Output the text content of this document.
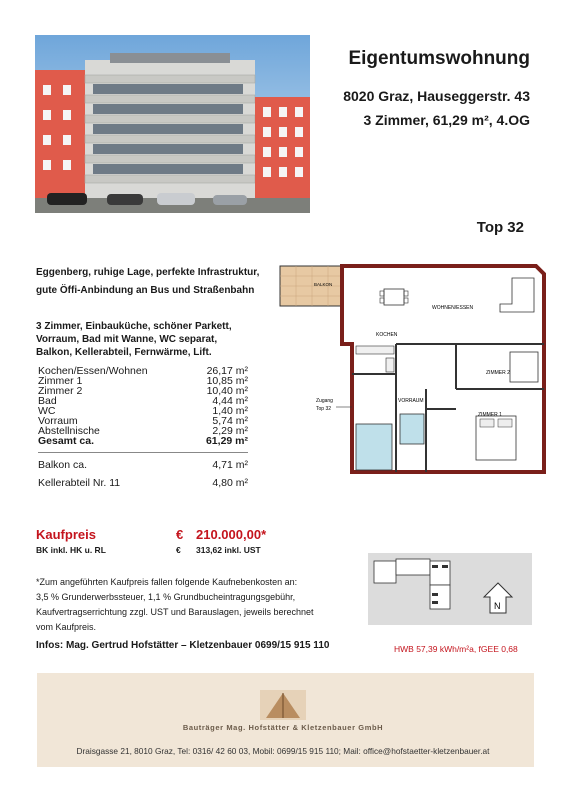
Eigentumswohnung
8020 Graz, Hauseggerstr. 43
3 Zimmer, 61,29 m², 4.OG
Top 32
Eggenberg, ruhige Lage, perfekte Infrastruktur,
gute Öffi-Anbindung an Bus und Straßenbahn
3 Zimmer, Einbauküche, schöner Parkett,
Vorraum, Bad mit Wanne, WC separat,
Balkon, Kellerabteil, Fernwärme, Lift.
Kochen/Essen/Wohnen	26,17 m²
Zimmer 1	10,85 m²
Zimmer 2	10,40 m²
Bad	4,44 m²
WC	1,40 m²
Vorraum	5,74 m²
Abstellnische	2,29 m²
Gesamt ca.	61,29 m²
Balkon ca.	4,71 m²
Kellerabteil Nr. 11	4,80 m²
BALKON
WOHNEN/ESSEN
KOCHEN
ZIMMER 2
ZIMMER 1
VORRAUM
Zugang
Top 32
Kaufpreis	€ 210.000,00*
BK inkl. HK u. RL	€ 313,62 inkl. UST
*Zum angeführten Kaufpreis fallen folgende Kaufnebenkosten an:
3,5 % Grunderwerbssteuer, 1,1 % Grundbucheintragungsgebühr,
Kaufvertragserrichtung zzgl. UST und Barauslagen, jeweils berechnet
vom Kaufpreis.
N
Infos: Mag. Gertrud Hofstätter – Kletzenbauer 0699/15 915 110	HWB 57,39 kWh/m²a, fGEE 0,68
Bauträger Mag. Hofstätter & Kletzenbauer GmbH
Draisgasse 21, 8010 Graz, Tel: 0316/ 42 60 03, Mobil: 0699/15 915 110; Mail: office@hofstaetter-kletzenbauer.at
